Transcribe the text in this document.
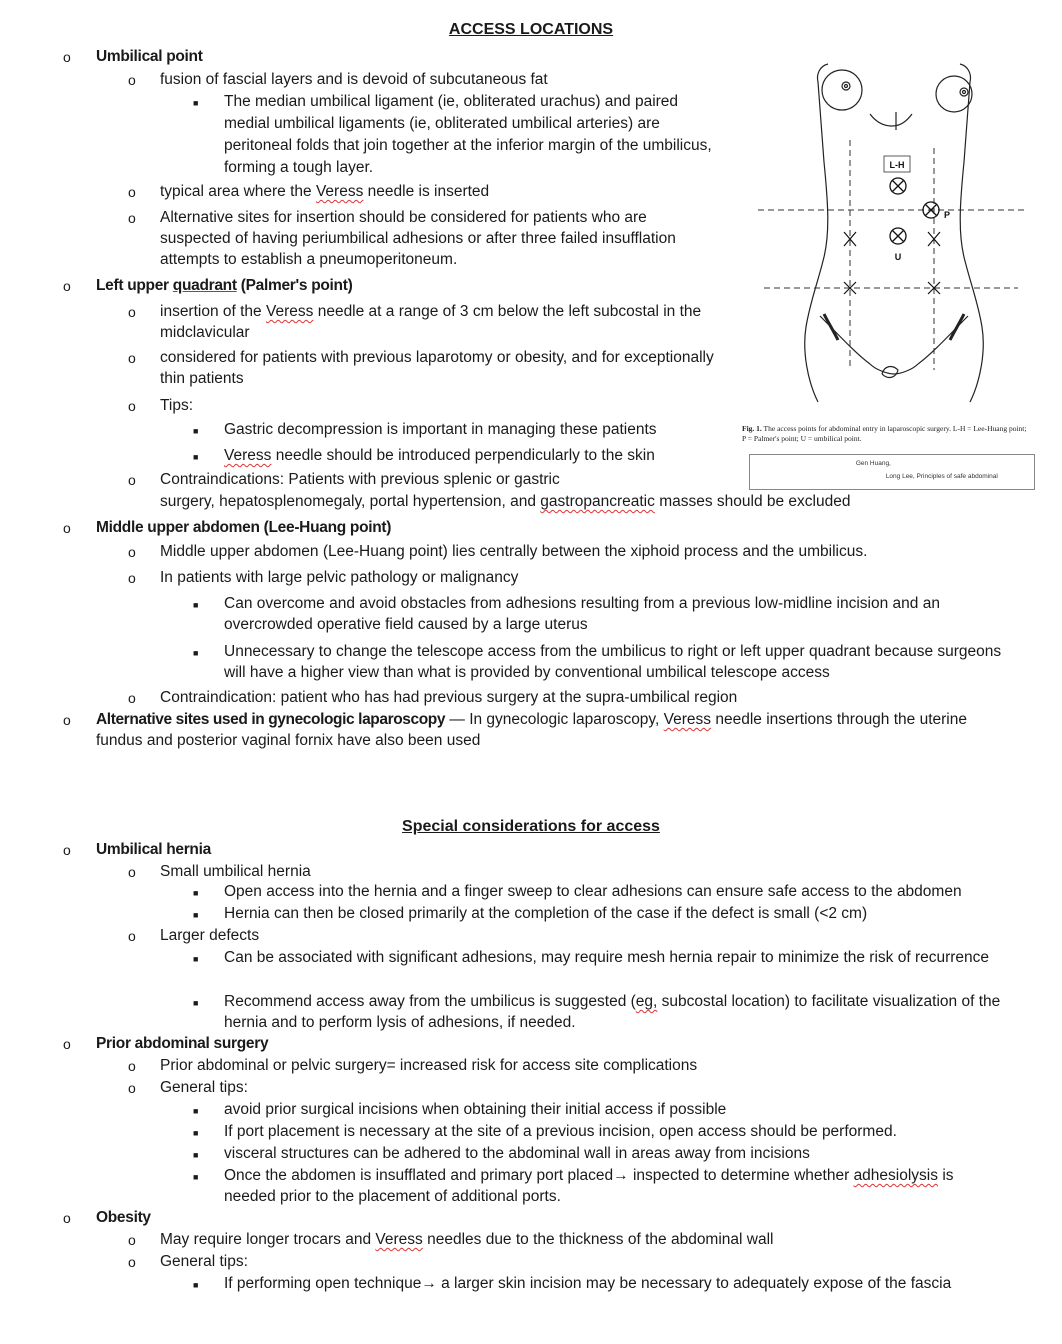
ACCESS LOCATIONS
o Umbilical point
o fusion of fascial layers and is devoid of subcutaneous fat
■ The median umbilical ligament (ie, obliterated urachus) and paired medial umbilical ligaments (ie, obliterated umbilical arteries) are peritoneal folds that join together at the inferior margin of the umbilicus, forming a tough layer.
o typical area where the Veress needle is inserted
o Alternative sites for insertion should be considered for patients who are suspected of having periumbilical adhesions or after three failed insufflation attempts to establish a pneumoperitoneum.
o Left upper quadrant (Palmer's point)
o insertion of the Veress needle at a range of 3 cm below the left subcostal in the midclavicular
o considered for patients with previous laparotomy or obesity, and for exceptionally thin patients
o Tips:
■ Gastric decompression is important in managing these patients
■ Veress needle should be introduced perpendicularly to the skin
o Contraindications: Patients with previous splenic or gastric
surgery, hepatosplenomegaly, portal hypertension, and gastropancreatic masses should be excluded
o Middle upper abdomen (Lee-Huang point)
o Middle upper abdomen (Lee-Huang point) lies centrally between the xiphoid process and the umbilicus.
o In patients with large pelvic pathology or malignancy
■ Can overcome and avoid obstacles from adhesions resulting from a previous low-midline incision and an overcrowded operative field caused by a large uterus
■ Unnecessary to change the telescope access from the umbilicus to right or left upper quadrant because surgeons will have a higher view than what is provided by conventional umbilical telescope access
o Contraindication: patient who has had previous surgery at the supra-umbilical region
o Alternative sites used in gynecologic laparoscopy — In gynecologic laparoscopy, Veress needle insertions through the uterine fundus and posterior vaginal fornix have also been used
L-H
P
U
Fig. 1. The access points for abdominal entry in laparoscopic surgery. L-H = Lee-Huang point; P = Palmer's point; U = umbilical point.
Gen Huang,
Long Lee, Principles of safe abdominal
Special considerations for access
o Umbilical hernia
o Small umbilical hernia
■ Open access into the hernia and a finger sweep to clear adhesions can ensure safe access to the abdomen
■ Hernia can then be closed primarily at the completion of the case if the defect is small (<2 cm)
o Larger defects
■ Can be associated with significant adhesions, may require mesh hernia repair to minimize the risk of recurrence
■ Recommend access away from the umbilicus is suggested (eg, subcostal location) to facilitate visualization of the hernia and to perform lysis of adhesions, if needed.
o Prior abdominal surgery
o Prior abdominal or pelvic surgery= increased risk for access site complications
o General tips:
■ avoid prior surgical incisions when obtaining their initial access if possible
■ If port placement is necessary at the site of a previous incision, open access should be performed.
■ visceral structures can be adhered to the abdominal wall in areas away from incisions
■ Once the abdomen is insufflated and primary port placed→ inspected to determine whether adhesiolysis is needed prior to the placement of additional ports.
o Obesity
o May require longer trocars and Veress needles due to the thickness of the abdominal wall
o General tips:
■ If performing open technique→ a larger skin incision may be necessary to adequately expose of the fascia
